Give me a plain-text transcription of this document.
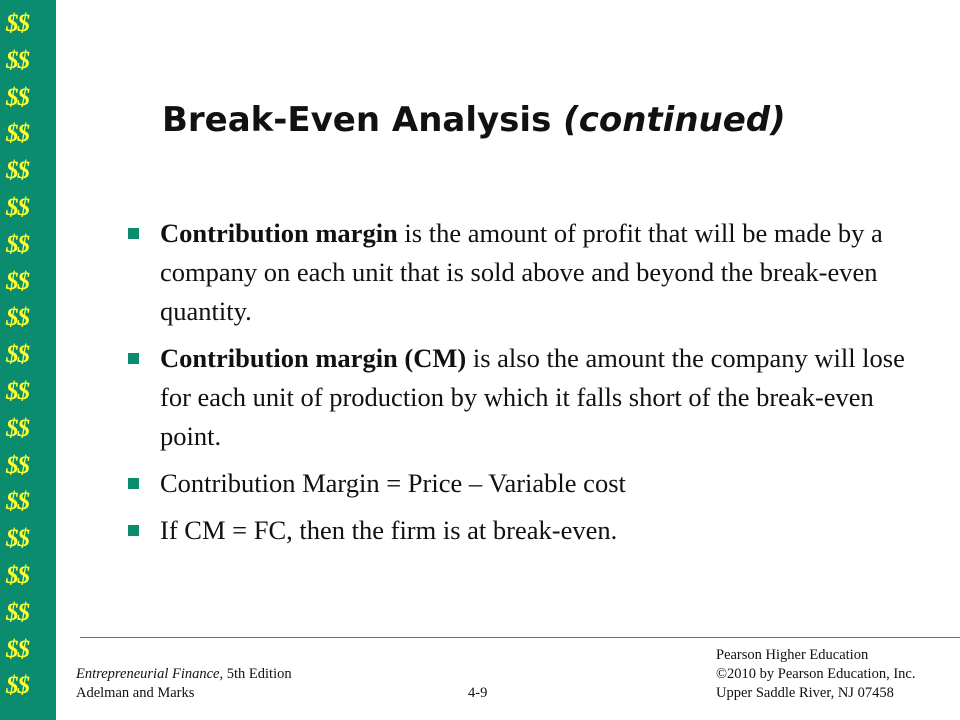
$$
$$
$$
$$
$$
$$
$$
$$
$$
$$
$$
$$
$$
$$
$$
$$
$$
$$
$$
Break-Even Analysis (continued)
Contribution margin is the amount of profit that will be made by a company on each unit that is sold above and beyond the break-even quantity.
Contribution margin (CM) is also the amount the company will lose for each unit of production by which it falls short of the break-even point.
Contribution Margin = Price – Variable cost
If CM = FC, then the firm is at break-even.
Entrepreneurial Finance, 5th Edition
Adelman and Marks	4-9
Pearson Higher Education
©2010 by Pearson Education, Inc.
Upper Saddle River, NJ 07458
